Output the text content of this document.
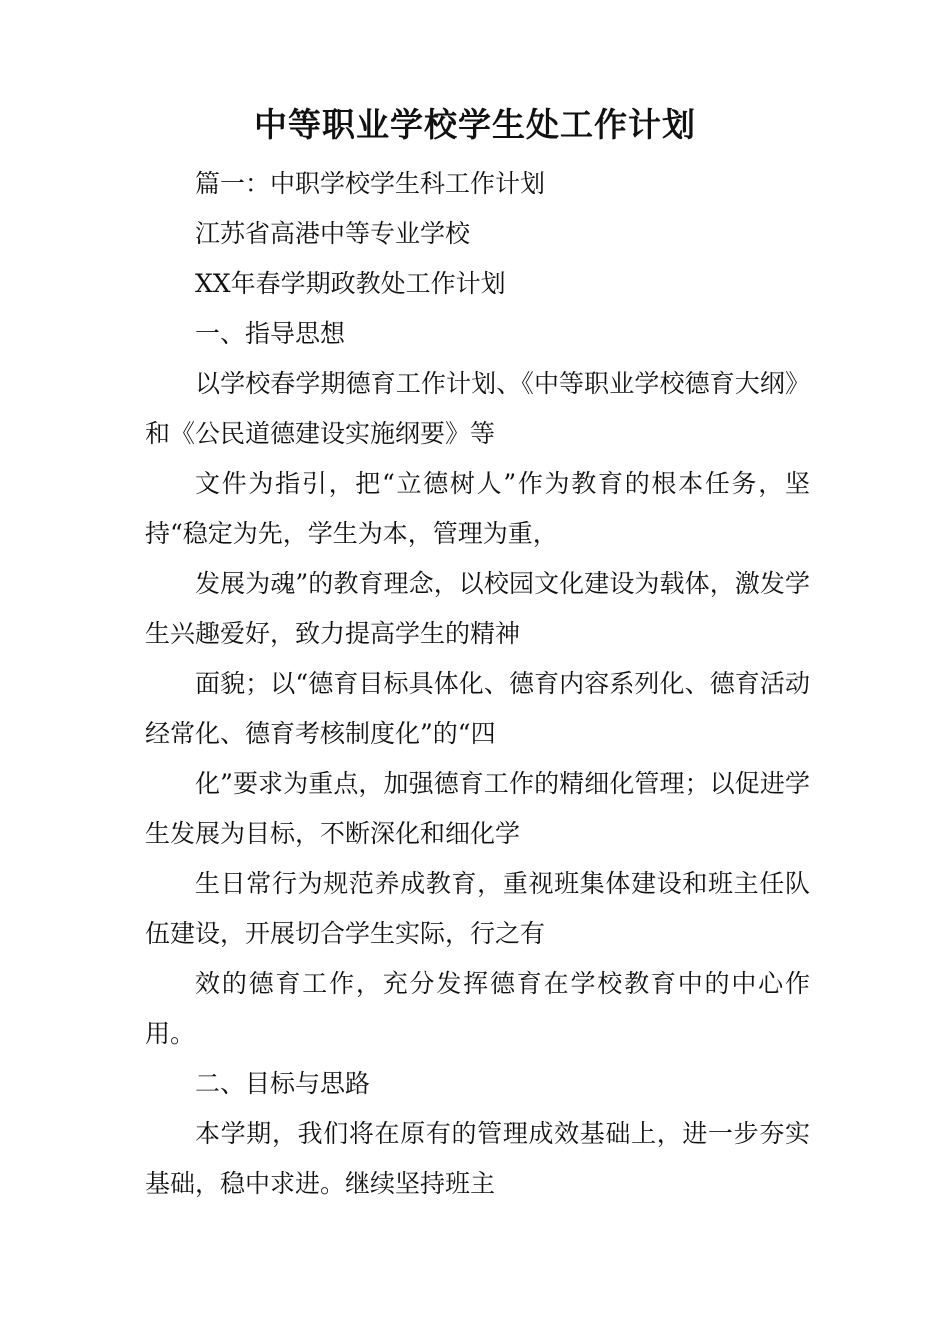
中等职业学校学生处工作计划

篇一：中职学校学生科工作计划

江苏省高港中等专业学校

XX年春学期政教处工作计划

一、指导思想

以学校春学期德育工作计划、《中等职业学校德育大纲》和《公民道德建设实施纲要》等

文件为指引，把“立德树人”作为教育的根本任务，坚持“稳定为先，学生为本，管理为重，

发展为魂”的教育理念，以校园文化建设为载体，激发学生兴趣爱好，致力提高学生的精神

面貌；以“德育目标具体化、德育内容系列化、德育活动经常化、德育考核制度化”的“四

化”要求为重点，加强德育工作的精细化管理；以促进学生发展为目标，不断深化和细化学

生日常行为规范养成教育，重视班集体建设和班主任队伍建设，开展切合学生实际，行之有

效的德育工作，充分发挥德育在学校教育中的中心作用。

二、目标与思路

本学期，我们将在原有的管理成效基础上，进一步夯实基础，稳中求进。继续坚持班主
